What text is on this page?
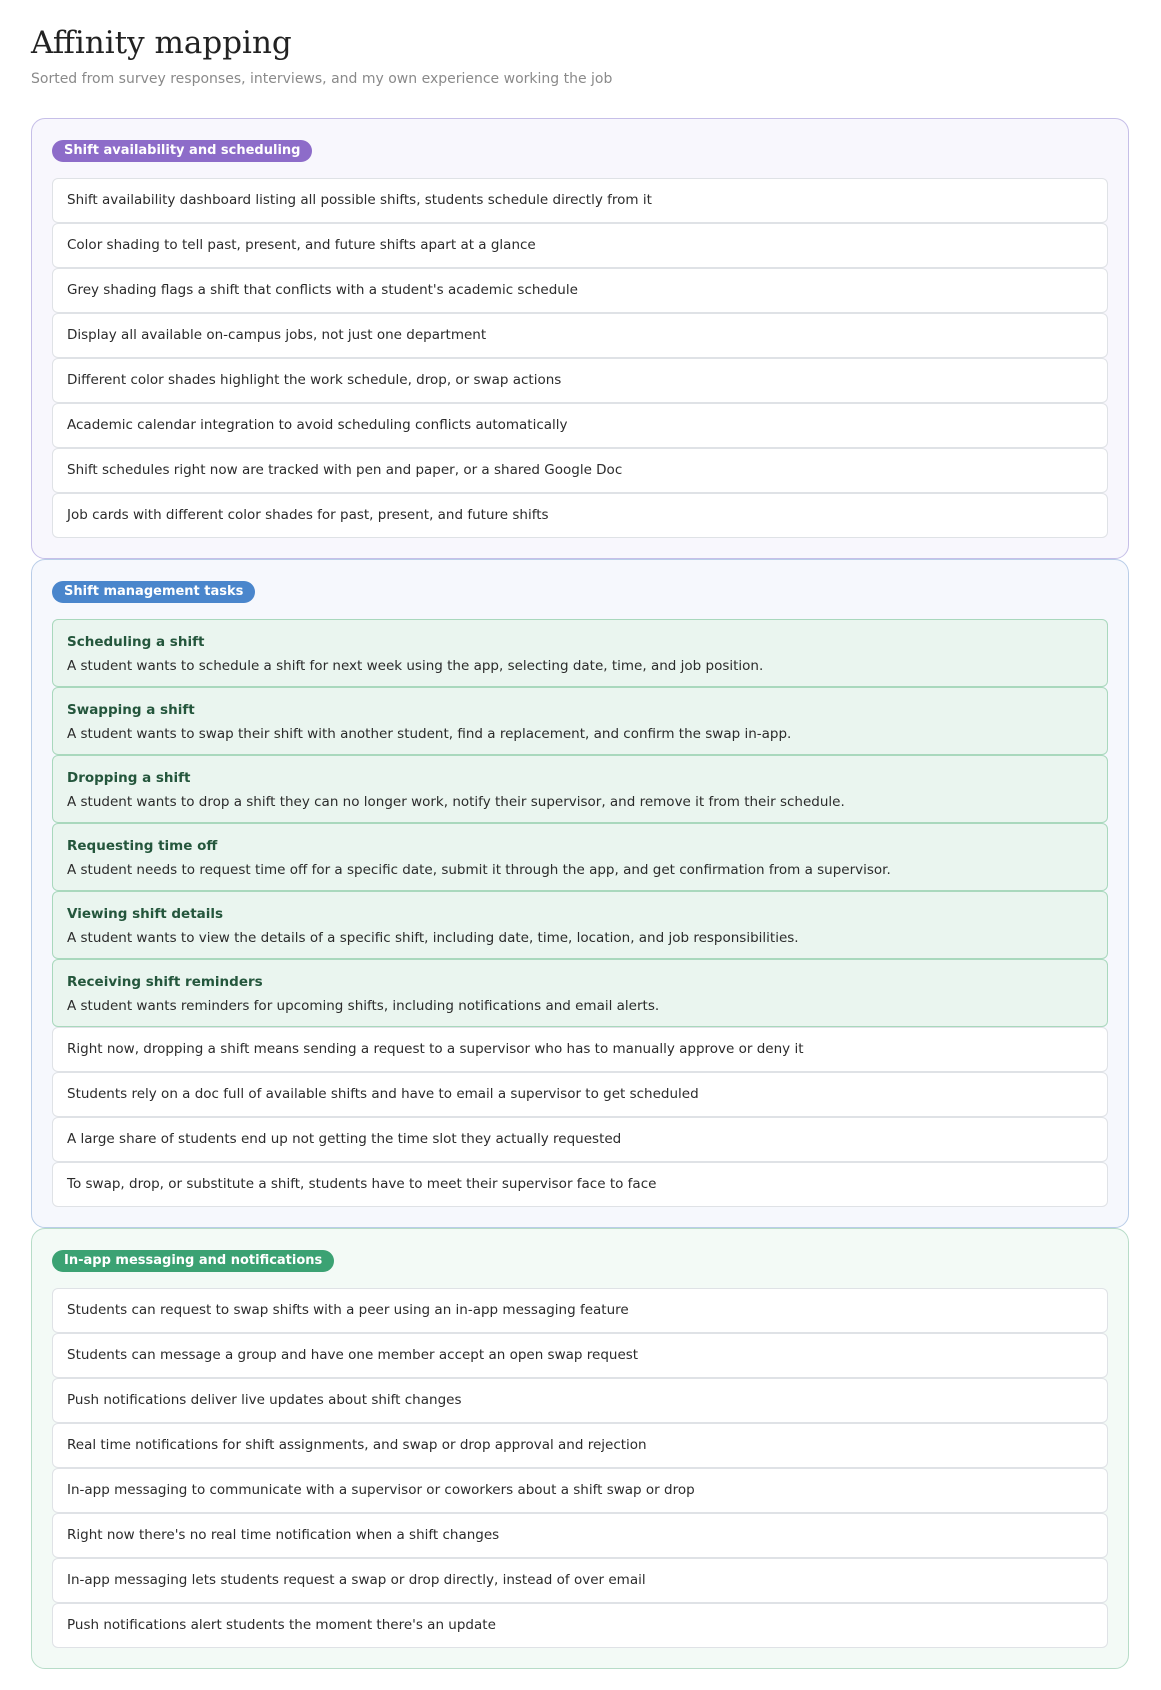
Affinity mapping
Sorted from survey responses, interviews, and my own experience working the job
Shift availability and scheduling
Shift availability dashboard listing all possible shifts, students schedule directly from it
Color shading to tell past, present, and future shifts apart at a glance
Grey shading flags a shift that conflicts with a student's academic schedule
Display all available on-campus jobs, not just one department
Different color shades highlight the work schedule, drop, or swap actions
Academic calendar integration to avoid scheduling conflicts automatically
Shift schedules right now are tracked with pen and paper, or a shared Google Doc
Job cards with different color shades for past, present, and future shifts
Shift management tasks
Scheduling a shift
A student wants to schedule a shift for next week using the app, selecting date, time, and job position.
Swapping a shift
A student wants to swap their shift with another student, find a replacement, and confirm the swap in-app.
Dropping a shift
A student wants to drop a shift they can no longer work, notify their supervisor, and remove it from their schedule.
Requesting time off
A student needs to request time off for a specific date, submit it through the app, and get confirmation from a supervisor.
Viewing shift details
A student wants to view the details of a specific shift, including date, time, location, and job responsibilities.
Receiving shift reminders
A student wants reminders for upcoming shifts, including notifications and email alerts.
Right now, dropping a shift means sending a request to a supervisor who has to manually approve or deny it
Students rely on a doc full of available shifts and have to email a supervisor to get scheduled
A large share of students end up not getting the time slot they actually requested
To swap, drop, or substitute a shift, students have to meet their supervisor face to face
In-app messaging and notifications
Students can request to swap shifts with a peer using an in-app messaging feature
Students can message a group and have one member accept an open swap request
Push notifications deliver live updates about shift changes
Real time notifications for shift assignments, and swap or drop approval and rejection
In-app messaging to communicate with a supervisor or coworkers about a shift swap or drop
Right now there's no real time notification when a shift changes
In-app messaging lets students request a swap or drop directly, instead of over email
Push notifications alert students the moment there's an update
